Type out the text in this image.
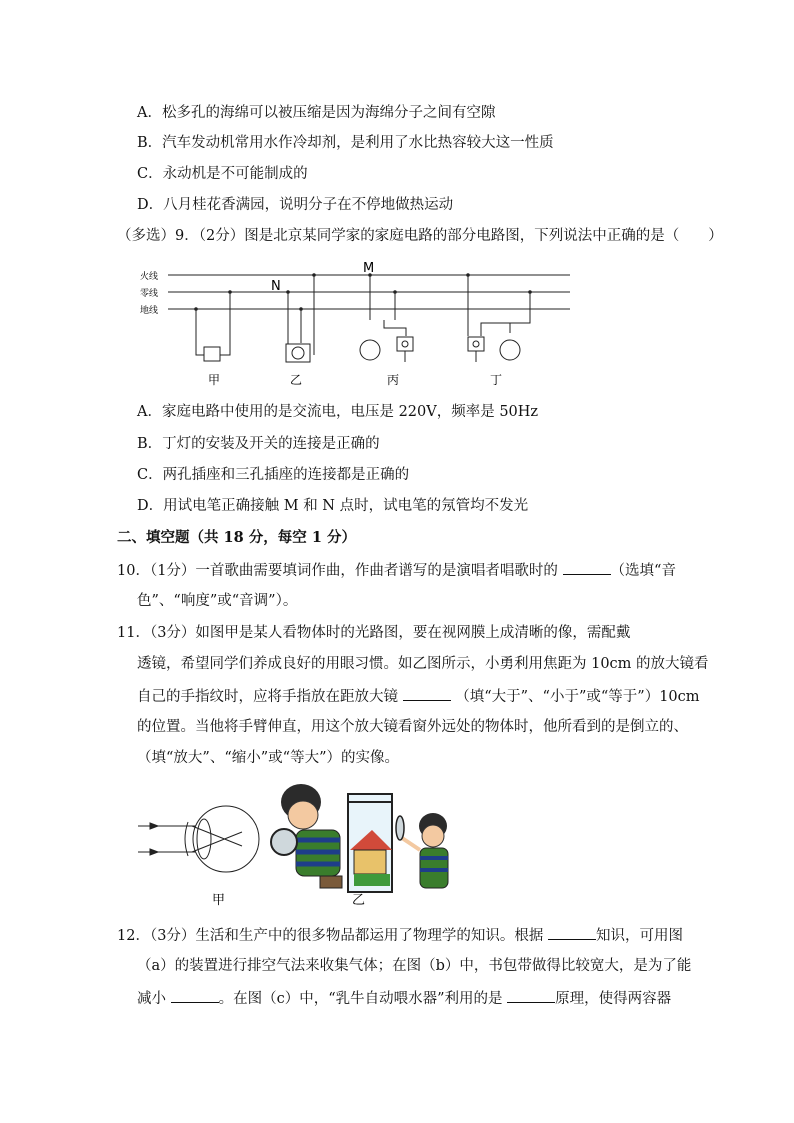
A．松多孔的海绵可以被压缩是因为海绵分子之间有空隙
B．汽车发动机常用水作冷却剂，是利用了水比热容较大这一性质
C．永动机是不可能制成的
D．八月桂花香满园，说明分子在不停地做热运动
（多选）9．（2分）图是北京某同学家的家庭电路的部分电路图，下列说法中正确的是（　　）
火线
零线
地线
M
N
甲	乙	丙	丁
A．家庭电路中使用的是交流电，电压是 220V，频率是 50Hz
B．丁灯的安装及开关的连接是正确的
C．两孔插座和三孔插座的连接都是正确的
D．用试电笔正确接触 M 和 N 点时，试电笔的氖管均不发光
二、填空题（共 18 分，每空 1 分）
10．（1分）一首歌曲需要填词作曲，作曲者谱写的是演唱者唱歌时的	（选填“音
色”、“响度”或“音调”）。
11．（3分）如图甲是某人看物体时的光路图，要在视网膜上成清晰的像，需配戴
透镜，希望同学们养成良好的用眼习惯。如乙图所示，小勇利用焦距为 10cm 的放大镜看
自己的手指纹时，应将手指放在距放大镜	（填“大于”、“小于”或“等于”）10cm
的位置。当他将手臂伸直，用这个放大镜看窗外远处的物体时，他所看到的是倒立的、
（填“放大”、“缩小”或“等大”）的实像。
甲	乙
12．（3分）生活和生产中的很多物品都运用了物理学的知识。根据	知识，可用图
（a）的装置进行排空气法来收集气体；在图（b）中，书包带做得比较宽大，是为了能
减小	。在图（c）中，“乳牛自动喂水器”利用的是	原理，使得两容器
